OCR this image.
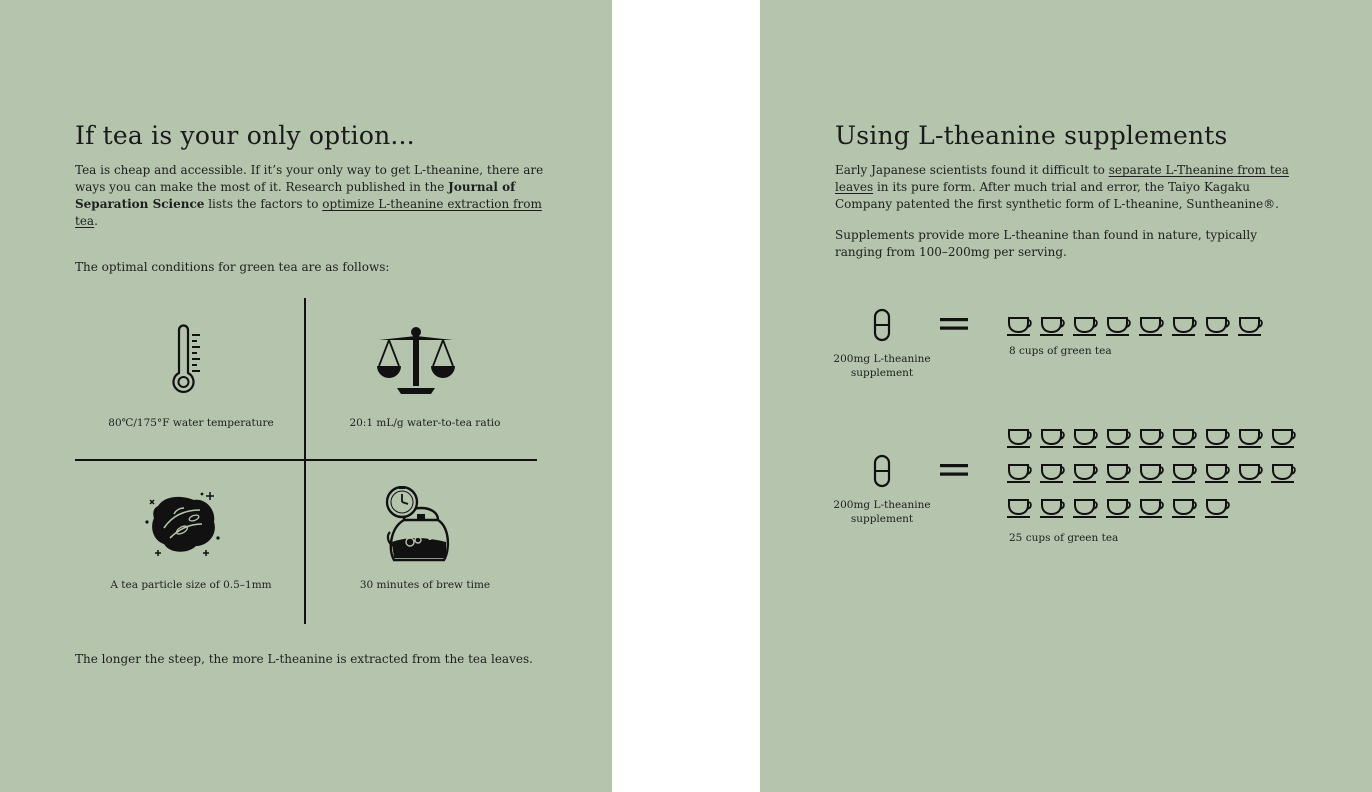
If tea is your only option...

Tea is cheap and accessible. If it’s your only way to get L-theanine, there are ways you can make the most of it. Research published in the Journal of Separation Science lists the factors to optimize L-theanine extraction from tea.

The optimal conditions for green tea are as follows:

80℃/175°F water temperature	20:1 mL/g water-to-tea ratio
A tea particle size of 0.5–1mm	30 minutes of brew time

The longer the steep, the more L-theanine is extracted from the tea leaves.

Using L-theanine supplements

Early Japanese scientists found it difficult to separate L-Theanine from tea leaves in its pure form. After much trial and error, the Taiyo Kagaku Company patented the first synthetic form of L-theanine, Suntheanine®.

Supplements provide more L-theanine than found in nature, typically ranging from 100–200mg per serving.

200mg L-theanine supplement
8 cups of green tea
200mg L-theanine supplement
25 cups of green tea
